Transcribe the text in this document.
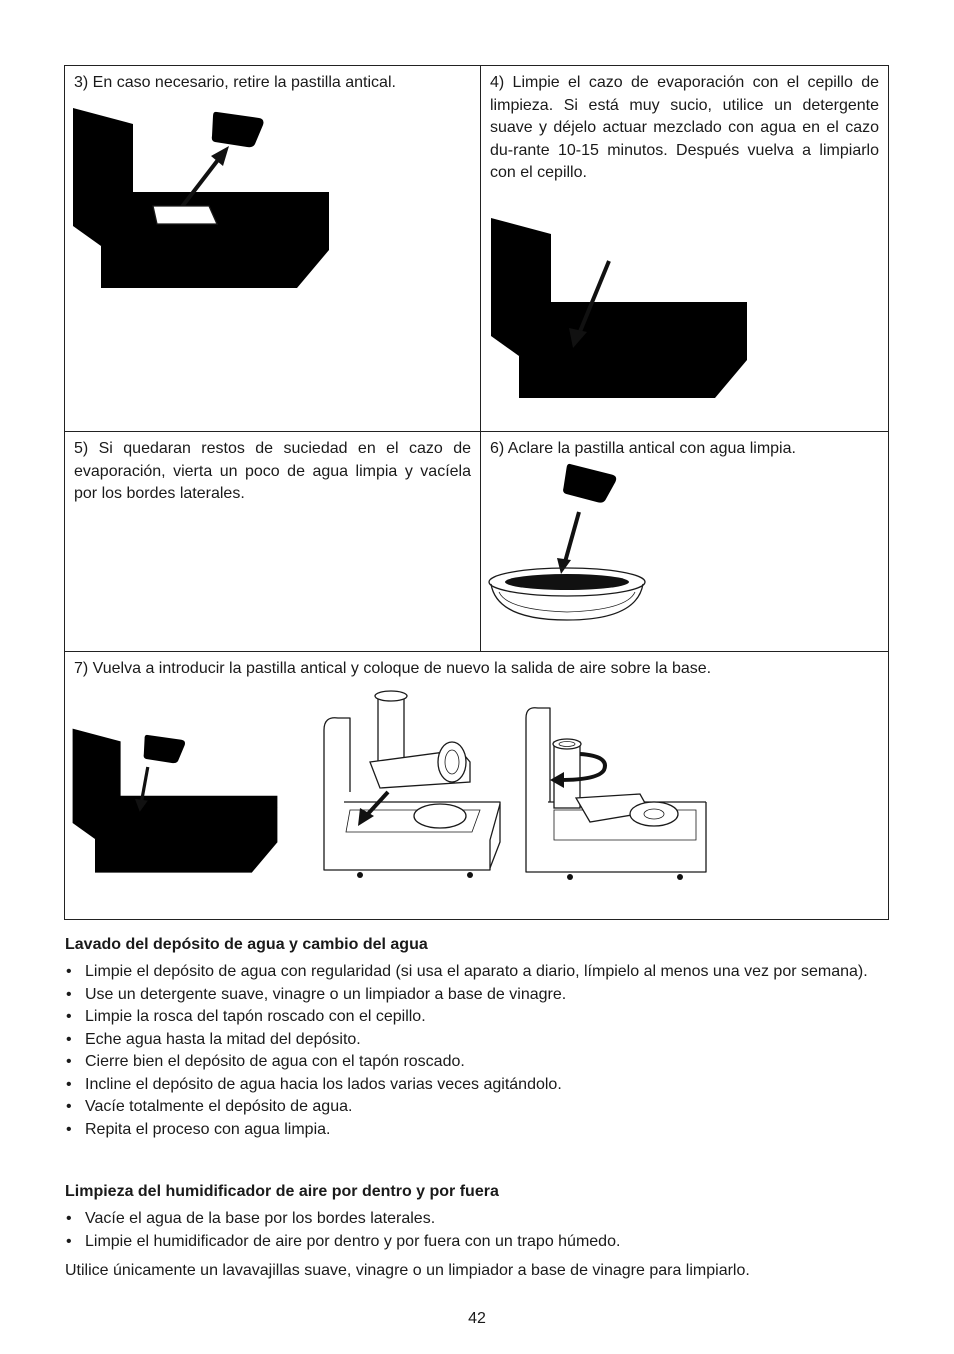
3) En caso necesario, retire la pastilla antical.	4) Limpie el cazo de evaporación con el cepillo de limpieza. Si está muy sucio, utilice un detergente suave y déjelo actuar mezclado con agua en el cazo du-rante 10-15 minutos. Después vuelva a limpiarlo con el cepillo.

5) Si quedaran restos de suciedad en el cazo de evaporación, vierta un poco de agua limpia y vacíela por los bordes laterales.

6) Aclare la pastilla antical con agua limpia.

7) Vuelva a introducir la pastilla antical y coloque de nuevo la salida de aire sobre la base.

Lavado del depósito de agua y cambio del agua
• Limpie el depósito de agua con regularidad (si usa el aparato a diario, límpielo al menos una vez por semana).
• Use un detergente suave, vinagre o un limpiador a base de vinagre.
• Limpie la rosca del tapón roscado con el cepillo.
• Eche agua hasta la mitad del depósito.
• Cierre bien el depósito de agua con el tapón roscado.
• Incline el depósito de agua hacia los lados varias veces agitándolo.
• Vacíe totalmente el depósito de agua.
• Repita el proceso con agua limpia.
Limpieza del humidificador de aire por dentro y por fuera
• Vacíe el agua de la base por los bordes laterales.
• Limpie el humidificador de aire por dentro y por fuera con un trapo húmedo.

Utilice únicamente un lavavajillas suave, vinagre o un limpiador a base de vinagre para limpiarlo.

42
